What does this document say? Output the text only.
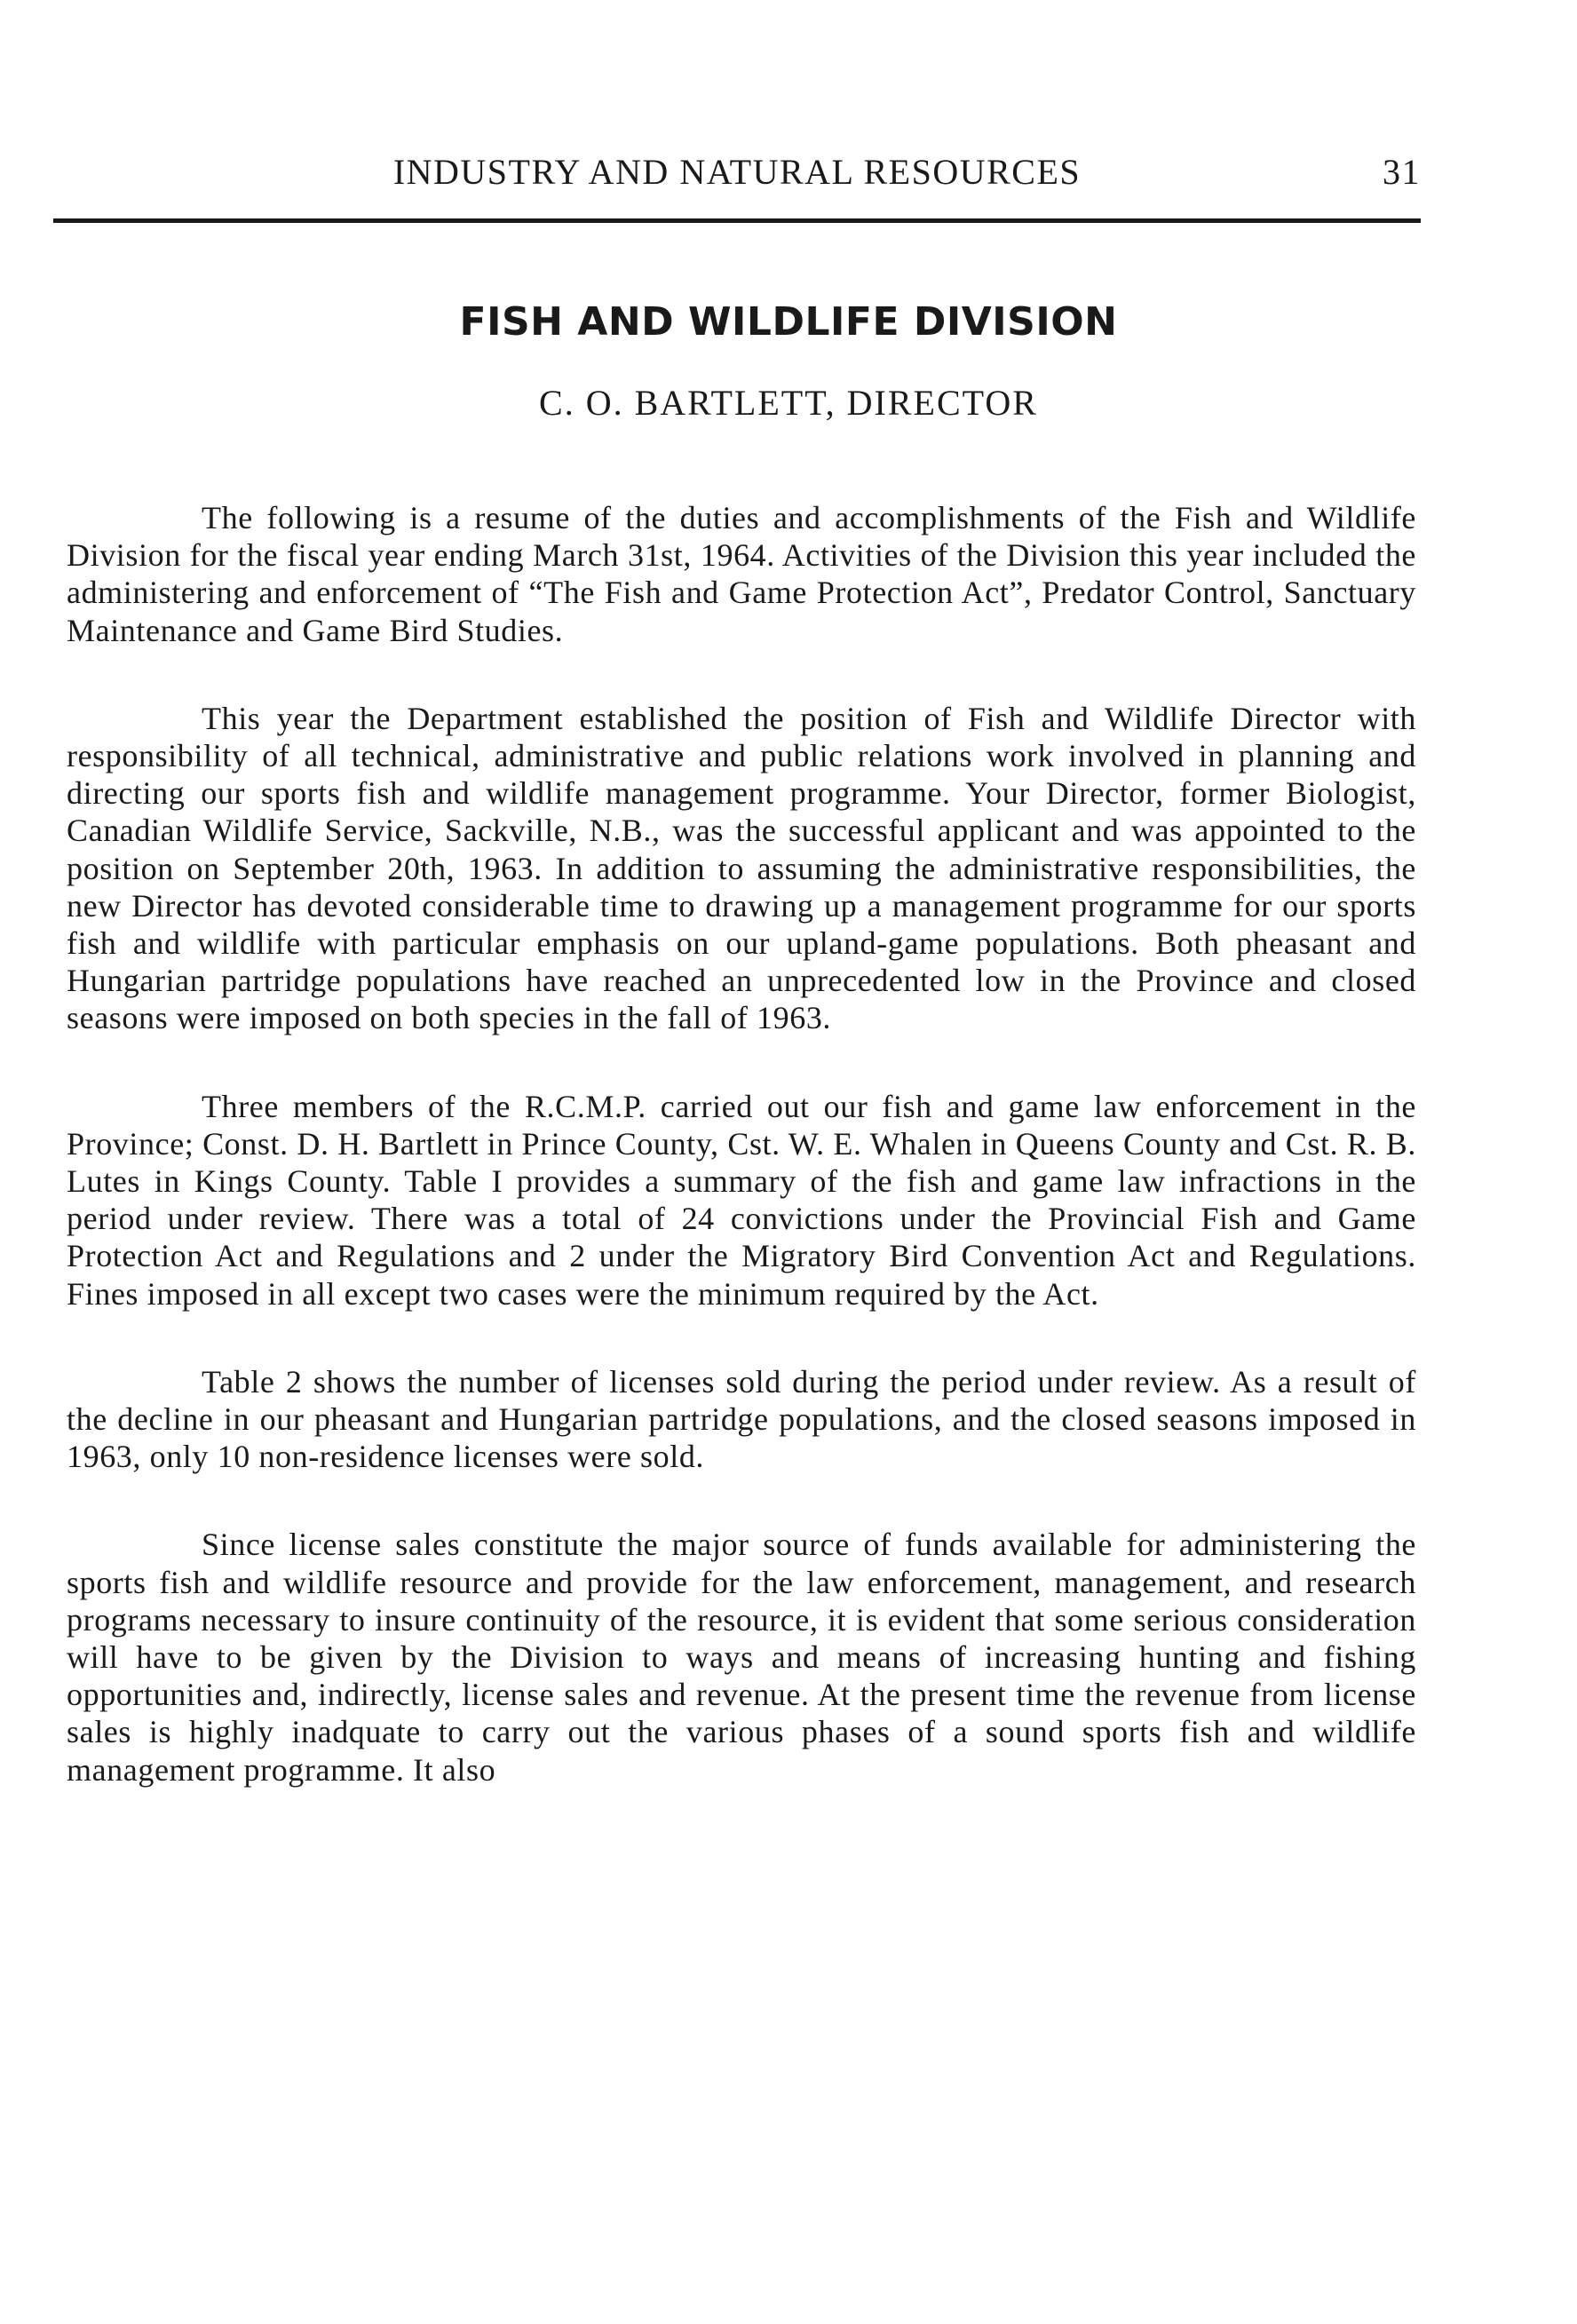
INDUSTRY AND NATURAL RESOURCES	31
FISH AND WILDLIFE DIVISION
C. O. BARTLETT, DIRECTOR

The following is a resume of the duties and accomplishments of the Fish and Wildlife Division for the fiscal year ending March 31st, 1964. Activities of the Division this year included the administering and enforcement of “The Fish and Game Protection Act”, Predator Control, Sanctuary Maintenance and Game Bird Studies.

This year the Department established the position of Fish and Wildlife Director with responsibility of all technical, administrative and public relations work involved in planning and directing our sports fish and wildlife management programme. Your Director, former Biologist, Canadian Wildlife Service, Sackville, N.B., was the successful applicant and was appointed to the position on September 20th, 1963. In addition to assuming the administrative responsibilities, the new Director has devoted considerable time to drawing up a management programme for our sports fish and wildlife with particular emphasis on our upland-game populations. Both pheasant and Hungarian partridge populations have reached an unprecedented low in the Province and closed seasons were imposed on both species in the fall of 1963.

Three members of the R.C.M.P. carried out our fish and game law enforcement in the Province; Const. D. H. Bartlett in Prince County, Cst. W. E. Whalen in Queens County and Cst. R. B. Lutes in Kings County. Table I provides a summary of the fish and game law infractions in the period under review. There was a total of 24 convictions under the Provincial Fish and Game Protection Act and Regulations and 2 under the Migratory Bird Convention Act and Regulations. Fines imposed in all except two cases were the minimum required by the Act.

Table 2 shows the number of licenses sold during the period under review. As a result of the decline in our pheasant and Hungarian partridge populations, and the closed seasons imposed in 1963, only 10 non-residence licenses were sold.

Since license sales constitute the major source of funds available for administering the sports fish and wildlife resource and provide for the law enforcement, management, and research programs necessary to insure continuity of the resource, it is evident that some serious consideration will have to be given by the Division to ways and means of increasing hunting and fishing opportunities and, indirectly, license sales and revenue. At the present time the revenue from license sales is highly inadquate to carry out the various phases of a sound sports fish and wildlife management programme. It also
